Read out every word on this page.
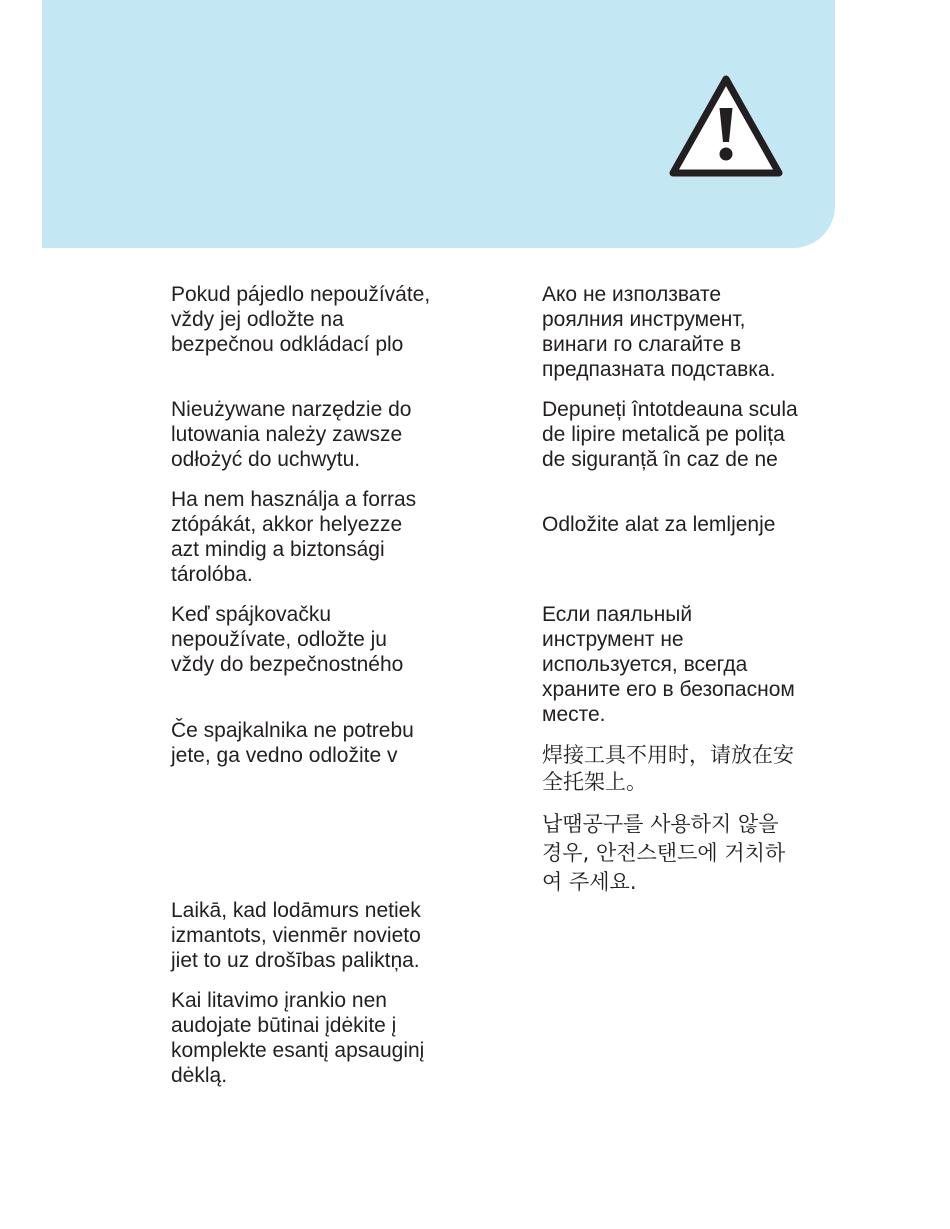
Pokud pájedlo nepoužíváte,
vždy jej odložte na
bezpečnou odkládací plo

Nieużywane narzędzie do
lutowania należy zawsze
odłożyć do uchwytu.

Ha nem használja a forras
ztópákát, akkor helyezze
azt mindig a biztonsági
tárolóba.

Keď spájkovačku
nepoužívate, odložte ju
vždy do bezpečnostného

Če spajkalnika ne potrebu
jete, ga vedno odložite v

Laikā, kad lodāmurs netiek
izmantots, vienmēr novieto
jiet to uz drošības paliktņa.

Kai litavimo įrankio nen
audojate būtinai įdėkite į
komplekte esantį apsauginį
dėklą.

Ако не използвате
poялния инструмент,
винаги го слагайте в
предпазната подставка.

Depuneți întotdeauna scula
de lipire metalică pe polița
de siguranță în caz de ne

Odložite alat za lemljenje

Если паяльный
инструмент не
используется, всегда
храните его в безопасном
месте.

焊接工具不用时，请放在安
全托架上。

납땜공구를 사용하지 않을
경우, 안전스탠드에 거치하
여 주세요.
